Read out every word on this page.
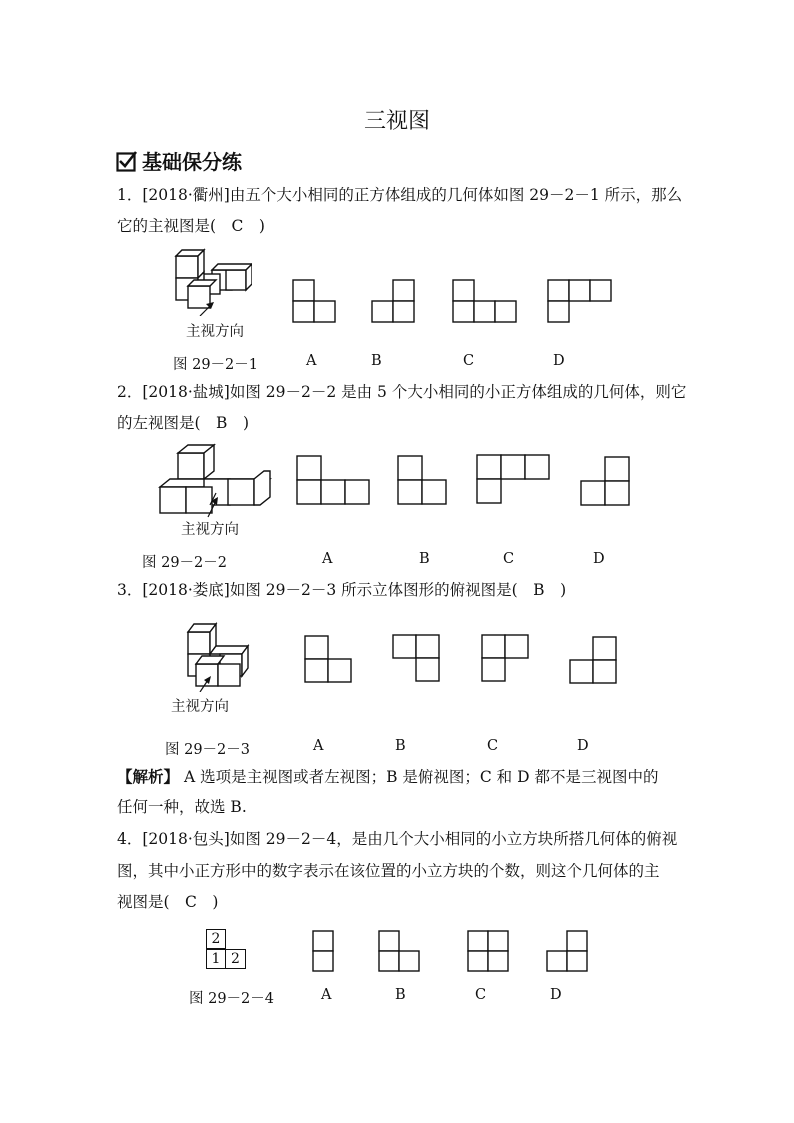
三视图
基础保分练
1．[2018·衢州]由五个大小相同的正方体组成的几何体如图 29－2－1 所示，那么
它的主视图是(　C　)
主视方向
图 29－2－1	A	B	C	D
2．[2018·盐城]如图 29－2－2 是由 5 个大小相同的小正方体组成的几何体，则它
的左视图是(　B　)
主视方向
图 29－2－2	A	B	C	D
3．[2018·娄底]如图 29－2－3 所示立体图形的俯视图是(　B　)
主视方向
图 29－2－3	A	B	C	D
【解析】 A 选项是主视图或者左视图；B 是俯视图；C 和 D 都不是三视图中的
任何一种，故选 B.
4．[2018·包头]如图 29－2－4，是由几个大小相同的小立方块所搭几何体的俯视
图，其中小正方形中的数字表示在该位置的小立方块的个数，则这个几何体的主
视图是(　C　)
2
1 2
图 29－2－4	A	B	C	D
